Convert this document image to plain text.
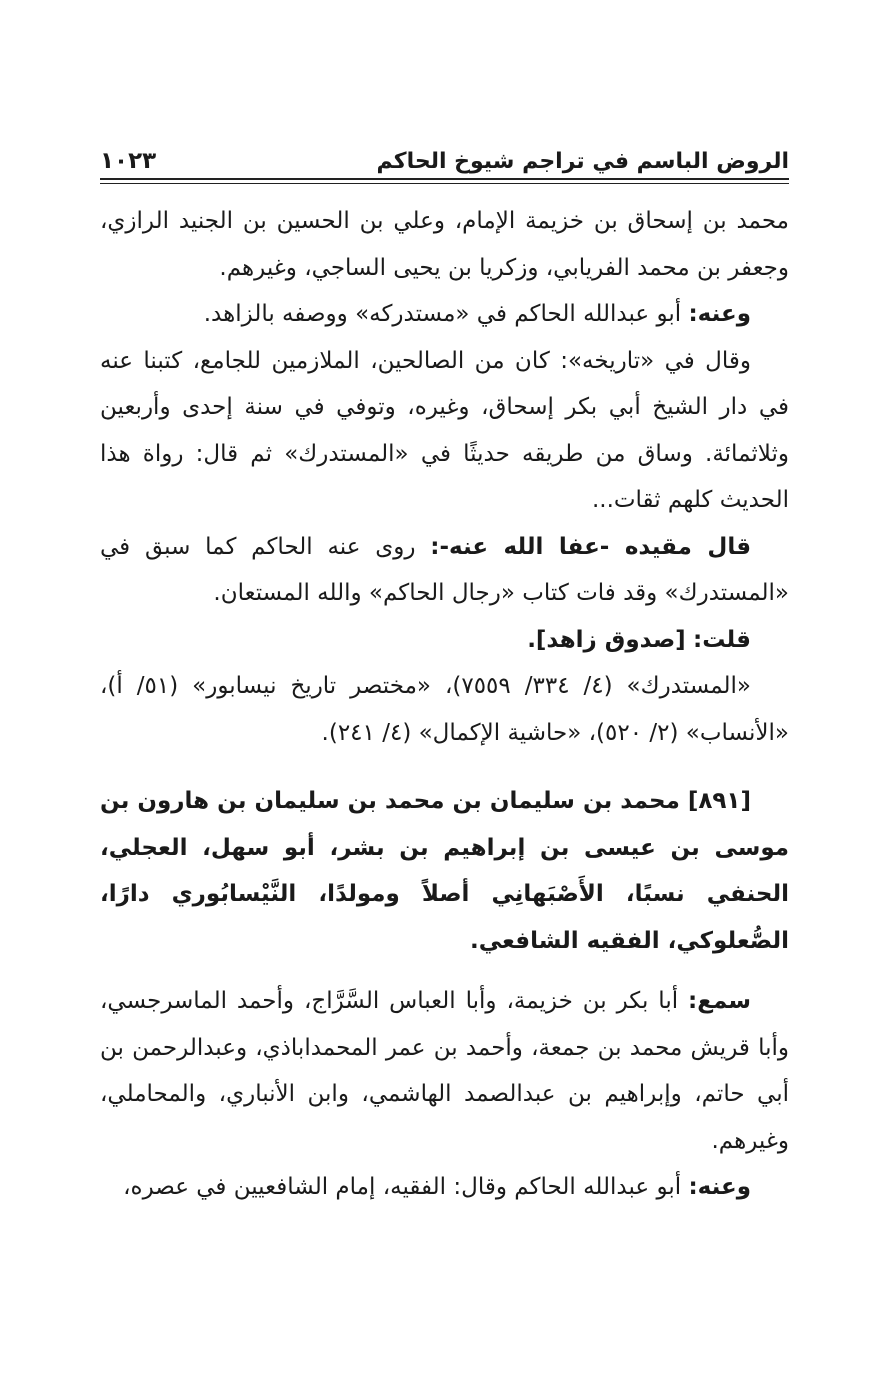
١٠٢٣	الروض الباسم في تراجم شيوخ الحاكم

محمد بن إسحاق بن خزيمة الإمام، وعلي بن الحسين بن الجنيد الرازي، وجعفر بن محمد الفريابي، وزكريا بن يحيى الساجي، وغيرهم.

وعنه: أبو عبدالله الحاكم في «مستدركه» ووصفه بالزاهد.

وقال في «تاريخه»: كان من الصالحين، الملازمين للجامع، كتبنا عنه في دار الشيخ أبي بكر إسحاق، وغيره، وتوفي في سنة إحدى وأربعين وثلاثمائة. وساق من طريقه حديثًا في «المستدرك» ثم قال: رواة هذا الحديث كلهم ثقات...

قال مقيده -عفا الله عنه-: روى عنه الحاكم كما سبق في «المستدرك» وقد فات كتاب «رجال الحاكم» والله المستعان.

قلت: [صدوق زاهد].

«المستدرك» (٤/ ٣٣٤/ ٧٥٥٩)، «مختصر تاريخ نيسابور» (٥١/ أ)، «الأنساب» (٢/ ٥٢٠)، «حاشية الإكمال» (٤/ ٢٤١).

[٨٩١] محمد بن سليمان بن محمد بن سليمان بن هارون بن موسى بن عيسى بن إبراهيم بن بشر، أبو سهل، العجلي، الحنفي نسبًا، الأَصْبَهانِي أصلاً ومولدًا، النَّيْسابُوري دارًا، الصُّعلوكي، الفقيه الشافعي.

سمع: أبا بكر بن خزيمة، وأبا العباس السَّرَّاج، وأحمد الماسرجسي، وأبا قريش محمد بن جمعة، وأحمد بن عمر المحمداباذي، وعبدالرحمن بن أبي حاتم، وإبراهيم بن عبدالصمد الهاشمي، وابن الأنباري، والمحاملي، وغيرهم.

وعنه: أبو عبدالله الحاكم وقال: الفقيه، إمام الشافعيين في عصره،
